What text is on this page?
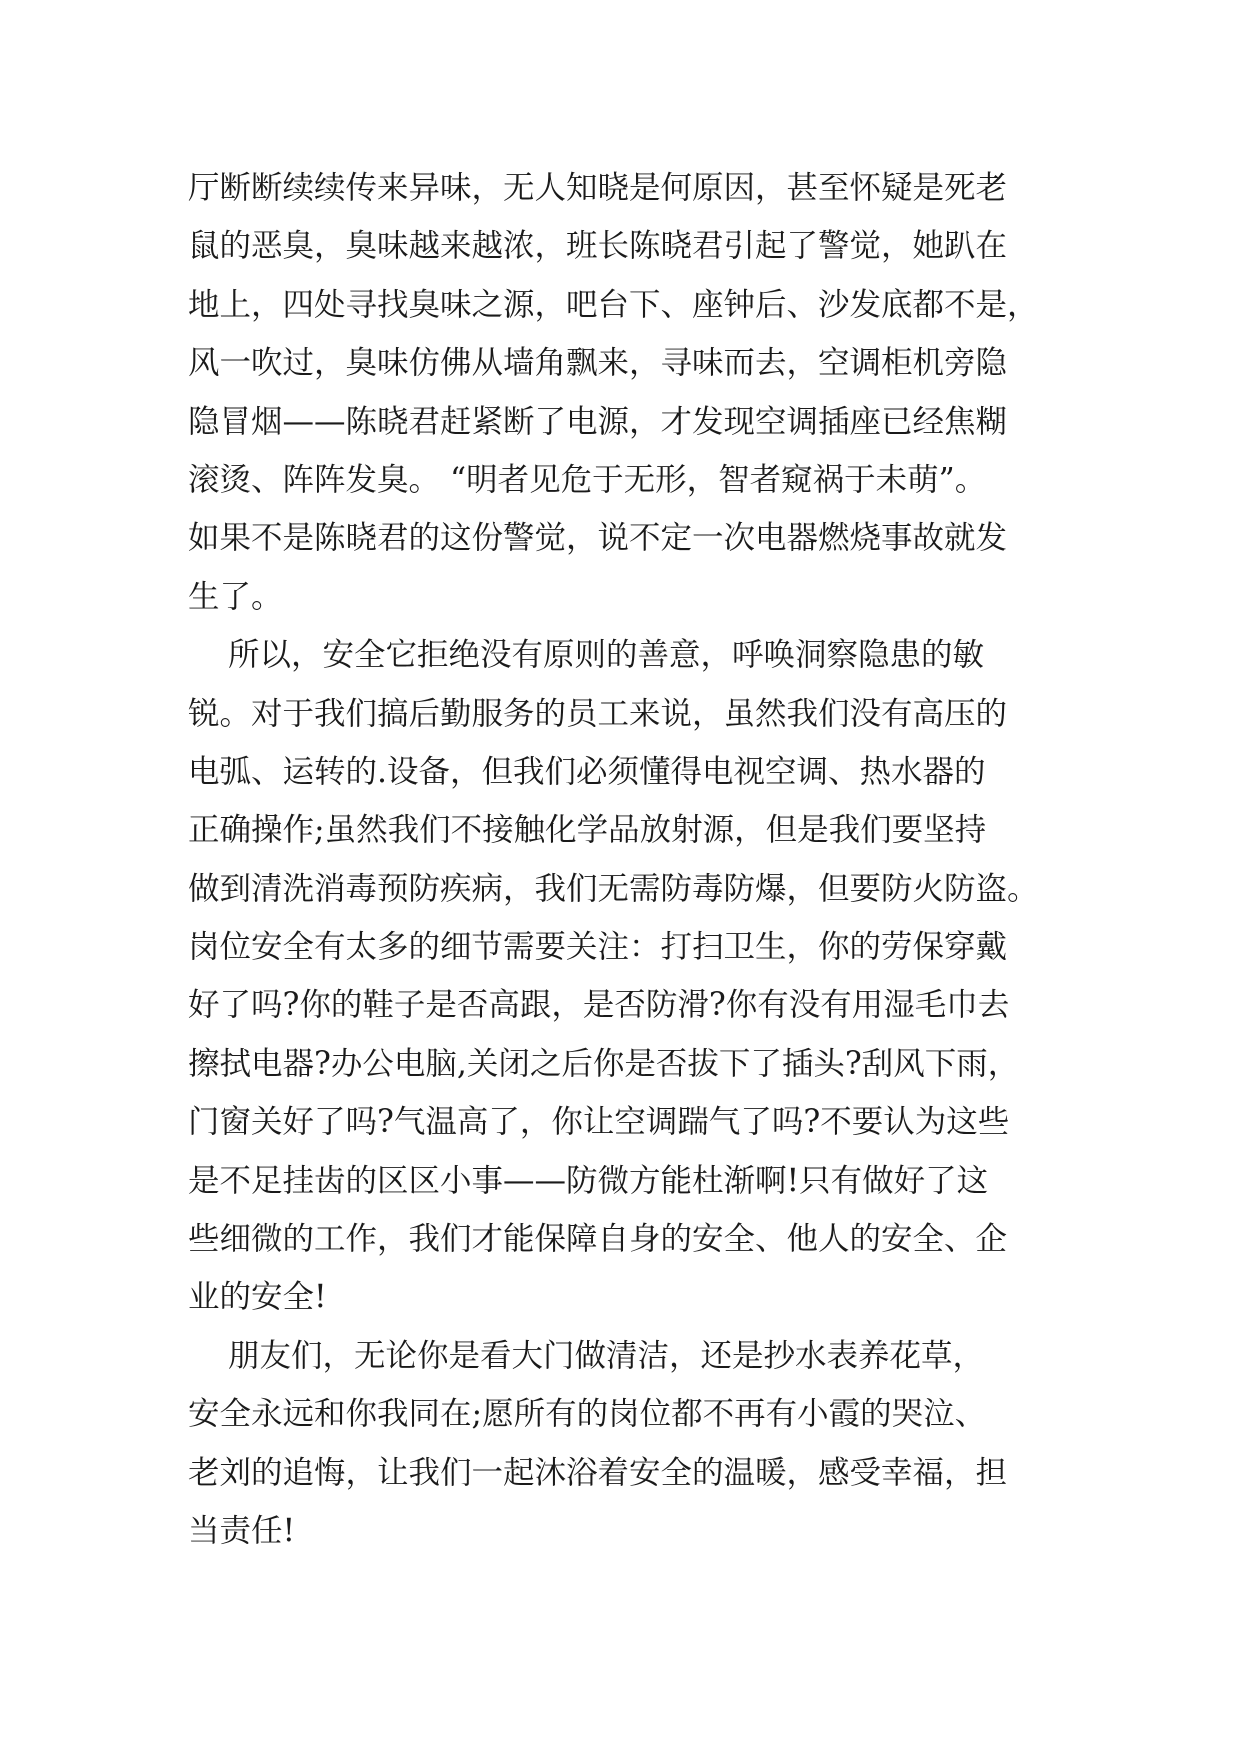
厅断断续续传来异味，无人知晓是何原因，甚至怀疑是死老

鼠的恶臭，臭味越来越浓，班长陈晓君引起了警觉，她趴在

地上，四处寻找臭味之源，吧台下、座钟后、沙发底都不是，

风一吹过，臭味仿佛从墙角飘来，寻味而去，空调柜机旁隐

隐冒烟——陈晓君赶紧断了电源，才发现空调插座已经焦糊

滚烫、阵阵发臭。 “明者见危于无形，智者窥祸于未萌”。

如果不是陈晓君的这份警觉，说不定一次电器燃烧事故就发

生了。

所以，安全它拒绝没有原则的善意，呼唤洞察隐患的敏

锐。对于我们搞后勤服务的员工来说，虽然我们没有高压的

电弧、运转的.设备，但我们必须懂得电视空调、热水器的

正确操作;虽然我们不接触化学品放射源，但是我们要坚持

做到清洗消毒预防疾病，我们无需防毒防爆，但要防火防盗。

岗位安全有太多的细节需要关注：打扫卫生，你的劳保穿戴

好了吗?你的鞋子是否高跟，是否防滑?你有没有用湿毛巾去

擦拭电器?办公电脑,关闭之后你是否拔下了插头?刮风下雨，

门窗关好了吗?气温高了，你让空调踹气了吗?不要认为这些

是不足挂齿的区区小事——防微方能杜渐啊!只有做好了这

些细微的工作，我们才能保障自身的安全、他人的安全、企

业的安全!

朋友们，无论你是看大门做清洁，还是抄水表养花草，

安全永远和你我同在;愿所有的岗位都不再有小霞的哭泣、

老刘的追悔，让我们一起沐浴着安全的温暖，感受幸福，担

当责任!
